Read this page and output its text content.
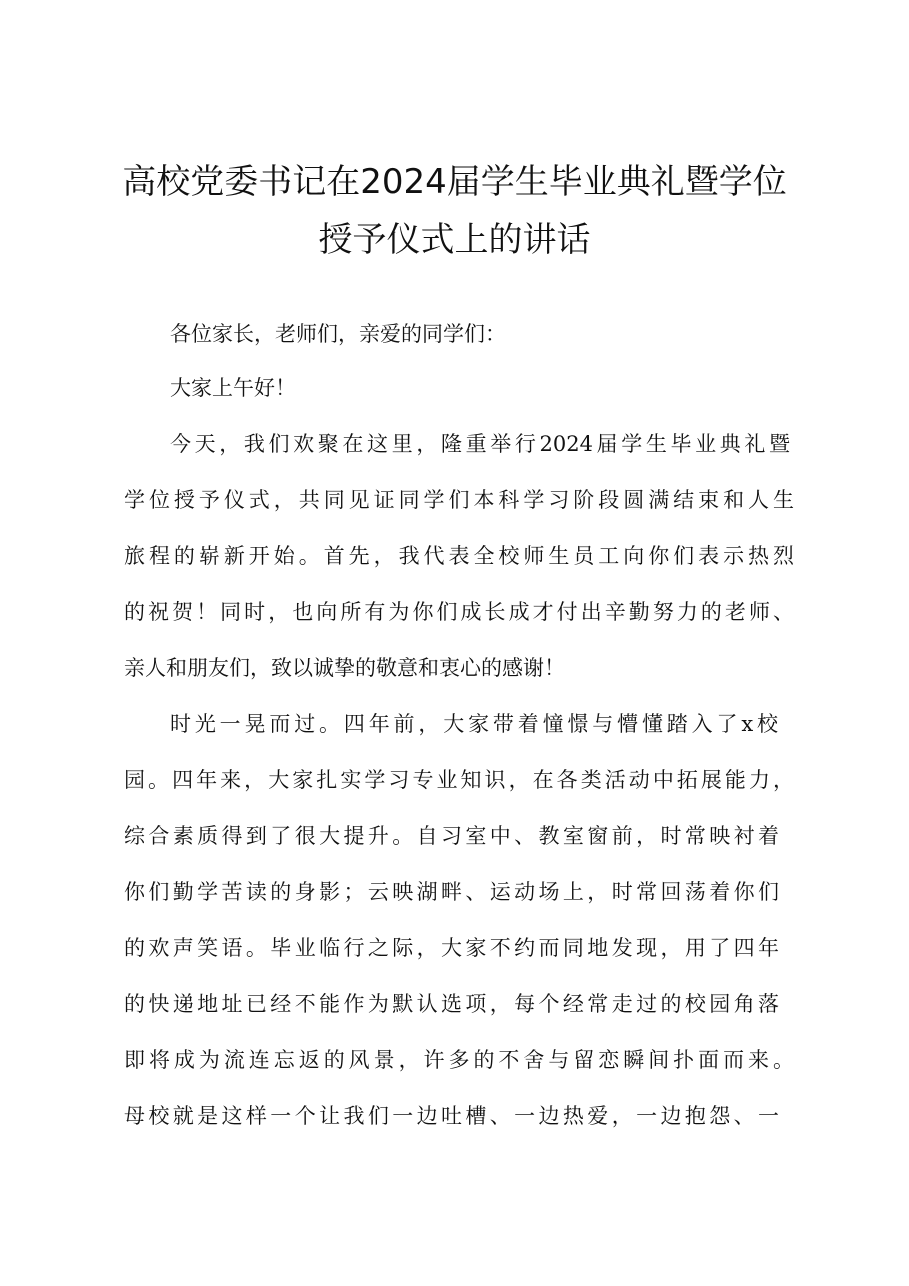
高校党委书记在2024届学生毕业典礼暨学位
授予仪式上的讲话
各位家长，老师们，亲爱的同学们：
大家上午好！
今天，我们欢聚在这里，隆重举行2024届学生毕业典礼暨
学位授予仪式，共同见证同学们本科学习阶段圆满结束和人生
旅程的崭新开始。首先，我代表全校师生员工向你们表示热烈
的祝贺！同时，也向所有为你们成长成才付出辛勤努力的老师、
亲人和朋友们，致以诚挚的敬意和衷心的感谢！
时光一晃而过。四年前，大家带着憧憬与懵懂踏入了x校
园。四年来，大家扎实学习专业知识，在各类活动中拓展能力，
综合素质得到了很大提升。自习室中、教室窗前，时常映衬着
你们勤学苦读的身影；云映湖畔、运动场上，时常回荡着你们
的欢声笑语。毕业临行之际，大家不约而同地发现，用了四年
的快递地址已经不能作为默认选项，每个经常走过的校园角落
即将成为流连忘返的风景，许多的不舍与留恋瞬间扑面而来。
母校就是这样一个让我们一边吐槽、一边热爱，一边抱怨、一
